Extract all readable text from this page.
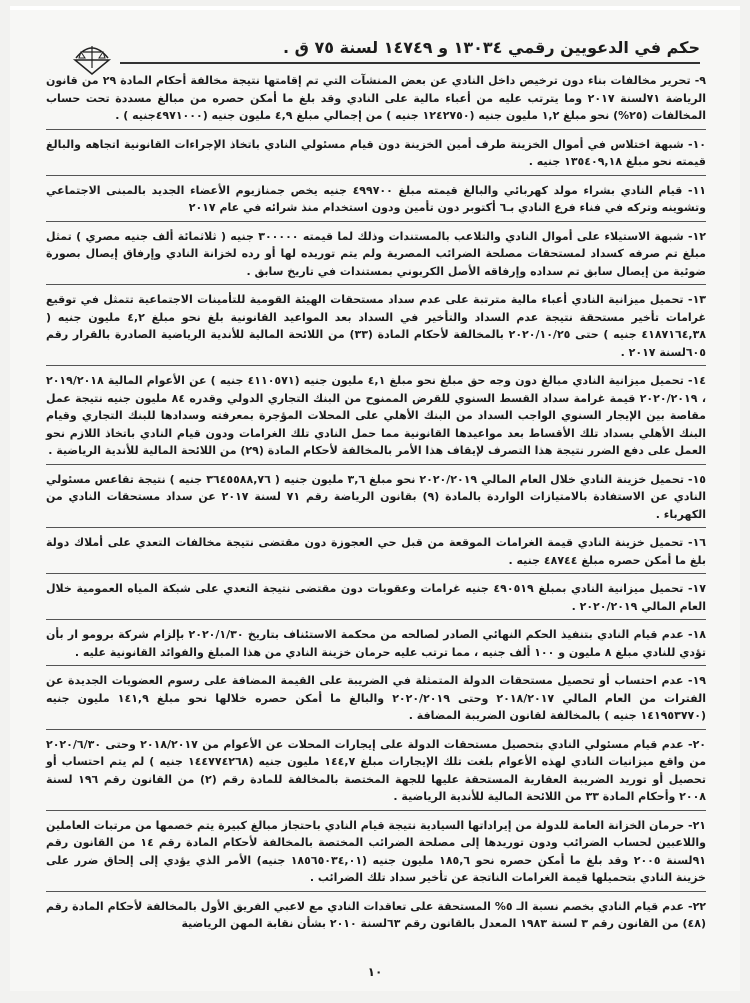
حكم في الدعويين رقمي ١٣٠٣٤ و ١٤٧٤٩ لسنة ٧٥ ق .

٩- تحرير مخالفات بناء دون ترخيص داخل النادي عن بعض المنشآت التي تم إقامتها نتيجة مخالفة أحكام المادة ٢٩ من قانون الرياضة ٧١لسنة ٢٠١٧ وما يترتب عليه من أعباء مالية على النادي وقد بلغ ما أمكن حصره من مبالغ مسددة تحت حساب المخالفات (٢٥%) نحو مبلغ ١,٢ مليون جنيه (١٢٤٢٧٥٠ جنيه ) من إجمالي مبلغ ٤,٩ مليون جنيه (٤٩٧١٠٠٠جنيه ) .

١٠- شبهة اختلاس في أموال الخزينة طرف أمين الخزينة دون قيام مسئولي النادي باتخاذ الإجراءات القانونية اتجاهه والبالغ قيمته نحو مبلغ ١٣٥٤٠٩,١٨ جنيه .

١١- قيام النادي بشراء مولد كهربائي والبالغ قيمته مبلغ ٤٩٩٧٠٠ جنيه يخص جمنازيوم الأعضاء الجديد بالمبنى الاجتماعي وتشوينه وتركه في فناء فرع النادي بـ٦ أكتوبر دون تأمين ودون استخدام منذ شرائه في عام ٢٠١٧

١٢- شبهة الاستيلاء على أموال النادي والتلاعب بالمستندات وذلك لما قيمته ٣٠٠٠٠٠ جنيه ( ثلاثمائة ألف جنيه مصري ) تمثل مبلغ تم صرفه كسداد لمستحقات مصلحة الضرائب المصرية ولم يتم توريده لها أو رده لخزانة النادي وإرفاق إيصال بصورة ضوئية من إيصال سابق تم سداده وإرفاقه الأصل الكربوني بمستندات في تاريخ سابق .

١٣- تحميل ميزانية النادي أعباء مالية مترتبة على عدم سداد مستحقات الهيئة القومية للتأمينات الاجتماعية تتمثل في توقيع غرامات تأخير مستحقة نتيجة عدم السداد والتأخير في السداد بعد المواعيد القانونية بلغ نحو مبلغ ٤,٢ مليون جنيه ( ٤١٨٧١٦٤,٣٨ جنيه ) حتى ٢٠٢٠/١٠/٢٥ بالمخالفة لأحكام المادة (٣٣) من اللائحة المالية للأندية الرياضية الصادرة بالقرار رقم ٦٠٥لسنة ٢٠١٧ .

١٤- تحميل ميزانية النادي مبالغ دون وجه حق مبلغ نحو مبلغ ٤,١ مليون جنيه (٤١١٠٥٧١ جنيه ) عن الأعوام المالية ٢٠١٩/٢٠١٨ ، ٢٠٢٠/٢٠١٩ قيمة غرامة سداد القسط السنوي للقرض الممنوح من البنك التجاري الدولي وقدره ٨٤ مليون جنيه نتيجة عمل مقاصة بين الإيجار السنوي الواجب السداد من البنك الأهلي على المحلات المؤجرة بمعرفته وسدادها للبنك التجاري وقيام البنك الأهلي بسداد تلك الأقساط بعد مواعيدها القانونية مما حمل النادي تلك الغرامات ودون قيام النادي باتخاذ اللازم نحو العمل على دفع الضرر نتيجة هذا التصرف لإيقاف هذا الأمر بالمخالفة لأحكام المادة (٢٩) من اللائحة المالية للأندية الرياضية .

١٥- تحميل خزينة النادي خلال العام المالي ٢٠٢٠/٢٠١٩ نحو مبلغ ٣,٦ مليون جنيه ( ٣٦٤٥٥٨٨,٧٦ جنيه ) نتيجة تقاعس مسئولي النادي عن الاستفادة بالامتيازات الواردة بالمادة (٩) بقانون الرياضة رقم ٧١ لسنة ٢٠١٧ عن سداد مستحقات النادي من الكهرباء .

١٦- تحميل خزينة النادي قيمة الغرامات الموقعة من قبل حي العجوزة دون مقتضى نتيجة مخالفات التعدي على أملاك دولة بلغ ما أمكن حصره مبلغ ٤٨٧٤٤ جنيه .

١٧- تحميل ميزانية النادي بمبلغ ٤٩٠٥١٩ جنيه غرامات وعقوبات دون مقتضى نتيجة التعدي على شبكة المياه العمومية خلال العام المالي ٢٠٢٠/٢٠١٩ .

١٨- عدم قيام النادي بتنفيذ الحكم النهائي الصادر لصالحه من محكمة الاستئناف بتاريخ ٢٠٢٠/١/٣٠ بإلزام شركة برومو ار بأن تؤدي للنادي مبلغ ٨ مليون و ١٠٠ ألف جنيه ، مما ترتب عليه حرمان خزينة النادي من هذا المبلغ والفوائد القانونية عليه .

١٩- عدم احتساب أو تحصيل مستحقات الدولة المتمثلة في الضريبة على القيمة المضافة على رسوم العضويات الجديدة عن الفترات من العام المالي ٢٠١٨/٢٠١٧ وحتى ٢٠٢٠/٢٠١٩ والبالغ ما أمكن حصره خلالها نحو مبلغ ١٤١,٩ مليون جنيه (١٤١٩٥٣٧٧٠ جنيه ) بالمخالفة لقانون الضريبة المضافة .

٢٠- عدم قيام مسئولي النادي بتحصيل مستحقات الدولة على إيجارات المحلات عن الأعوام من ٢٠١٨/٢٠١٧ وحتى ٢٠٢٠/٦/٣٠ من واقع ميزانيات النادي لهذه الأعوام بلغت تلك الإيجارات مبلغ ١٤٤,٧ مليون جنيه (١٤٤٧٧٤٢٦٨ جنيه ) لم يتم احتساب أو تحصيل أو توريد الضريبة العقارية المستحقة عليها للجهة المختصة بالمخالفة للمادة رقم (٢) من القانون رقم ١٩٦ لسنة ٢٠٠٨ وأحكام المادة ٣٣ من اللائحة المالية للأندية الرياضية .

٢١- حرمان الخزانة العامة للدولة من إيراداتها السيادية نتيجة قيام النادي باحتجاز مبالغ كبيرة يتم خصمها من مرتبات العاملين واللاعبين لحساب الضرائب ودون توريدها إلى مصلحة الضرائب المختصة بالمخالفة لأحكام المادة رقم ١٤ من القانون رقم ٩١لسنة ٢٠٠٥ وقد بلغ ما أمكن حصره نحو ١٨٥,٦ مليون جنيه (١٨٥٦٥٠٣٤,٠١ جنيه) الأمر الذي يؤدي إلى إلحاق ضرر على خزينة النادي بتحميلها قيمة الغرامات الناتجة عن تأخير سداد تلك الضرائب .

٢٢- عدم قيام النادي بخصم نسبة الـ ٥% المستحقة على تعاقدات النادي مع لاعبي الفريق الأول بالمخالفة لأحكام المادة رقم (٤٨) من القانون رقم ٣ لسنة ١٩٨٣ المعدل بالقانون رقم ٦٣لسنة ٢٠١٠ بشأن نقابة المهن الرياضية

١٠
